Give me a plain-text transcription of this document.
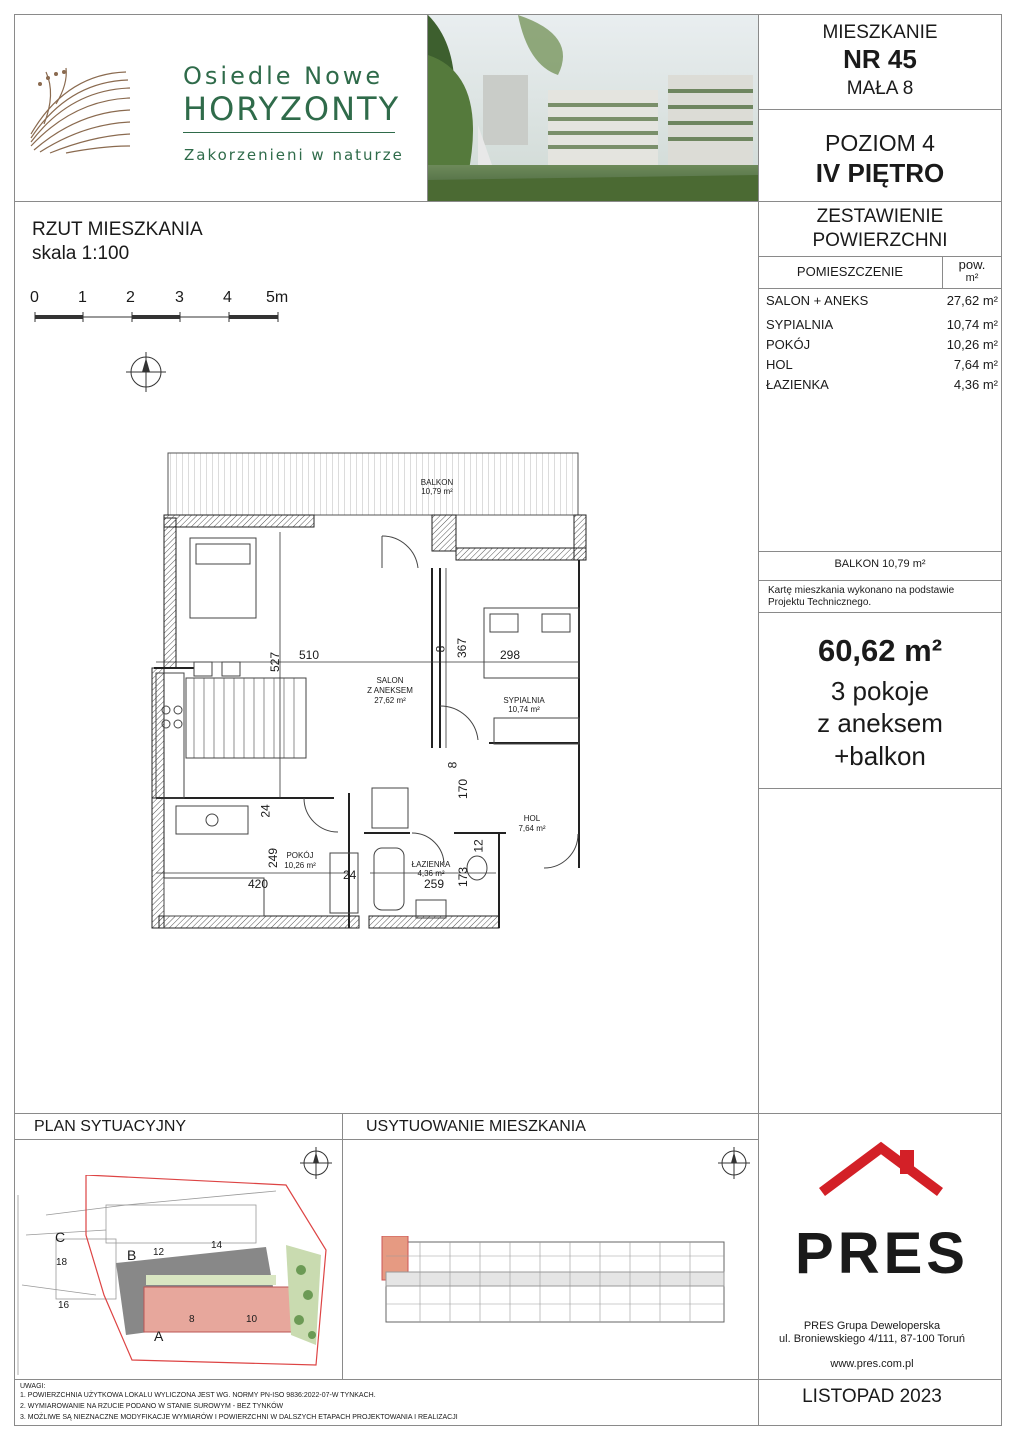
Osiedle Nowe
HORYZONTY
Zakorzenieni w naturze
MIESZKANIE
NR 45
MAŁA 8
POZIOM 4
IV PIĘTRO
ZESTAWIENIE
POWIERZCHNI
POMIESZCZENIE	pow.
m²
SALON + ANEKS	27,62 m²
SYPIALNIA	10,74 m²
POKÓJ	10,26 m²
HOL	7,64 m²
ŁAZIENKA	4,36 m²
BALKON 10,79 m²
Kartę mieszkania wykonano na podstawie
Projektu Technicznego.
60,62 m²
3 pokoje
z aneksem
+balkon
RZUT MIESZKANIA
skala 1:100
0 1 2	3 4 5m
BALKON
10,79 m²
SALON
Z ANEKSEM
27,62 m²	SYPIALNIA
10,74 m²
HOL
7,64 m²
POKÓJ
10,26 m²	ŁAZIENKA
4,36 m²
510
527
8 367	298
8
170
24
249
420
24
259 173
12
PLAN SYTUACYJNY
C
18
16
B 12
14
A
8	10
USYTUOWANIE MIESZKANIA
PRES
PRES Grupa Deweloperska
ul. Broniewskiego 4/111, 87-100 Toruń
www.pres.com.pl
LISTOPAD 2023
UWAGI:
1. POWIERZCHNIA UŻYTKOWA LOKALU WYLICZONA JEST WG. NORMY PN-ISO 9836:2022-07-W TYNKACH.
2. WYMIAROWANIE NA RZUCIE PODANO W STANIE SUROWYM - BEZ TYNKÓW
3. MOŻLIWE SĄ NIEZNACZNE MODYFIKACJE WYMIARÓW I POWIERZCHNI W DALSZYCH ETAPACH PROJEKTOWANIA I REALIZACJI
